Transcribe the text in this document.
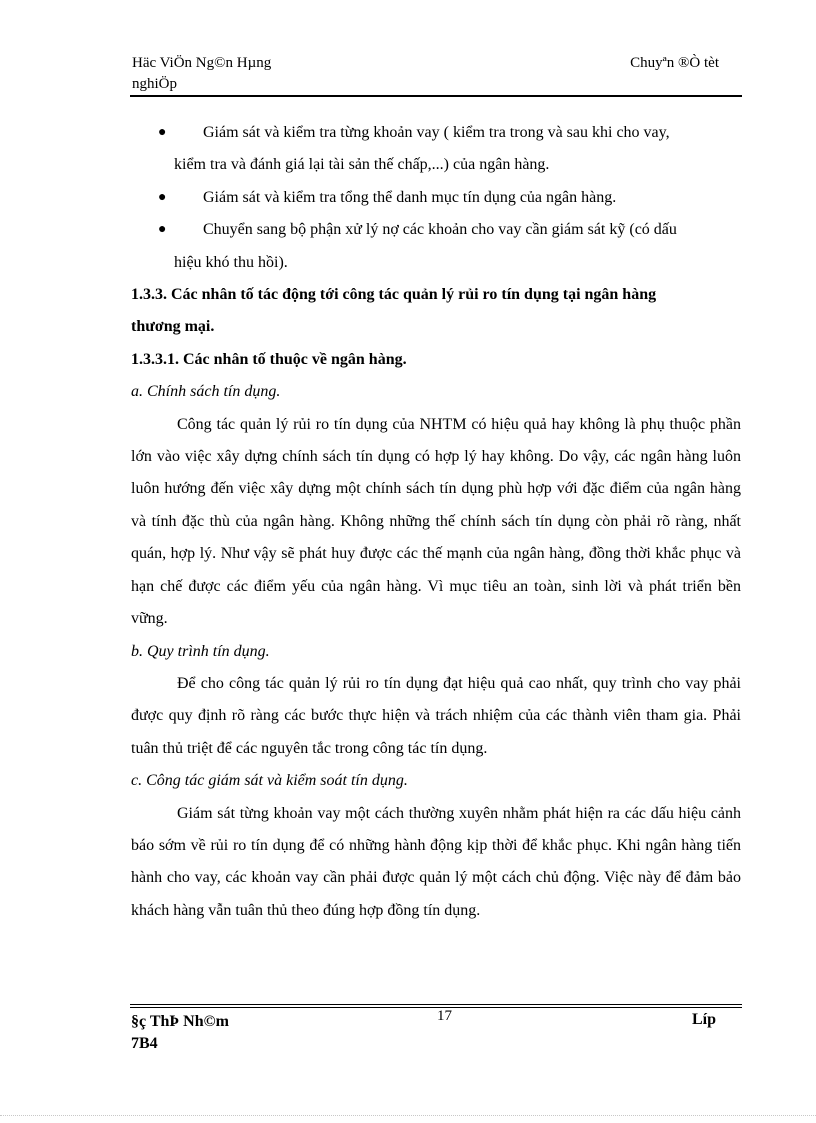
Häc ViÖn Ng©n Hµng
nghiÖp
Chuyªn ®Ò tèt
● Giám sát và kiểm tra từng khoản vay ( kiểm tra trong và sau khi cho vay,
kiểm tra và đánh giá lại tài sản thế chấp,...) của ngân hàng.
● Giám sát và kiểm tra tổng thể danh mục tín dụng của ngân hàng.
● Chuyển sang bộ phận xử lý nợ các khoản cho vay cần giám sát kỹ (có dấu
hiệu khó thu hồi).
1.3.3. Các nhân tố tác động tới công tác quản lý rủi ro tín dụng tại ngân hàng
thương mại.
1.3.3.1. Các nhân tố thuộc về ngân hàng.
a. Chính sách tín dụng.
Công tác quản lý rủi ro tín dụng của NHTM có hiệu quả hay không là phụ thuộc phần lớn vào việc xây dựng chính sách tín dụng có hợp lý hay không. Do vậy, các ngân hàng luôn luôn hướng đến việc xây dựng một chính sách tín dụng phù hợp với đặc điểm của ngân hàng và tính đặc thù của ngân hàng. Không những thế chính sách tín dụng còn phải rõ ràng, nhất quán, hợp lý. Như vậy sẽ phát huy được các thế mạnh của ngân hàng, đồng thời khắc phục và hạn chế được các điểm yếu của ngân hàng. Vì mục tiêu an toàn, sinh lời và phát triển bền vững.
b. Quy trình tín dụng.
Để cho công tác quản lý rủi ro tín dụng đạt hiệu quả cao nhất, quy trình cho vay phải được quy định rõ ràng các bước thực hiện và trách nhiệm của các thành viên tham gia. Phải tuân thủ triệt để các nguyên tắc trong công tác tín dụng.
c. Công tác giám sát và kiểm soát tín dụng.
Giám sát từng khoản vay một cách thường xuyên nhằm phát hiện ra các dấu hiệu cảnh báo sớm về rủi ro tín dụng để có những hành động kịp thời để khắc phục. Khi ngân hàng tiến hành cho vay, các khoản vay cần phải được quản lý một cách chủ động. Việc này để đảm bảo khách hàng vẫn tuân thủ theo đúng hợp đồng tín dụng.
§ç ThÞ Nh©m
7B4
17	Líp
